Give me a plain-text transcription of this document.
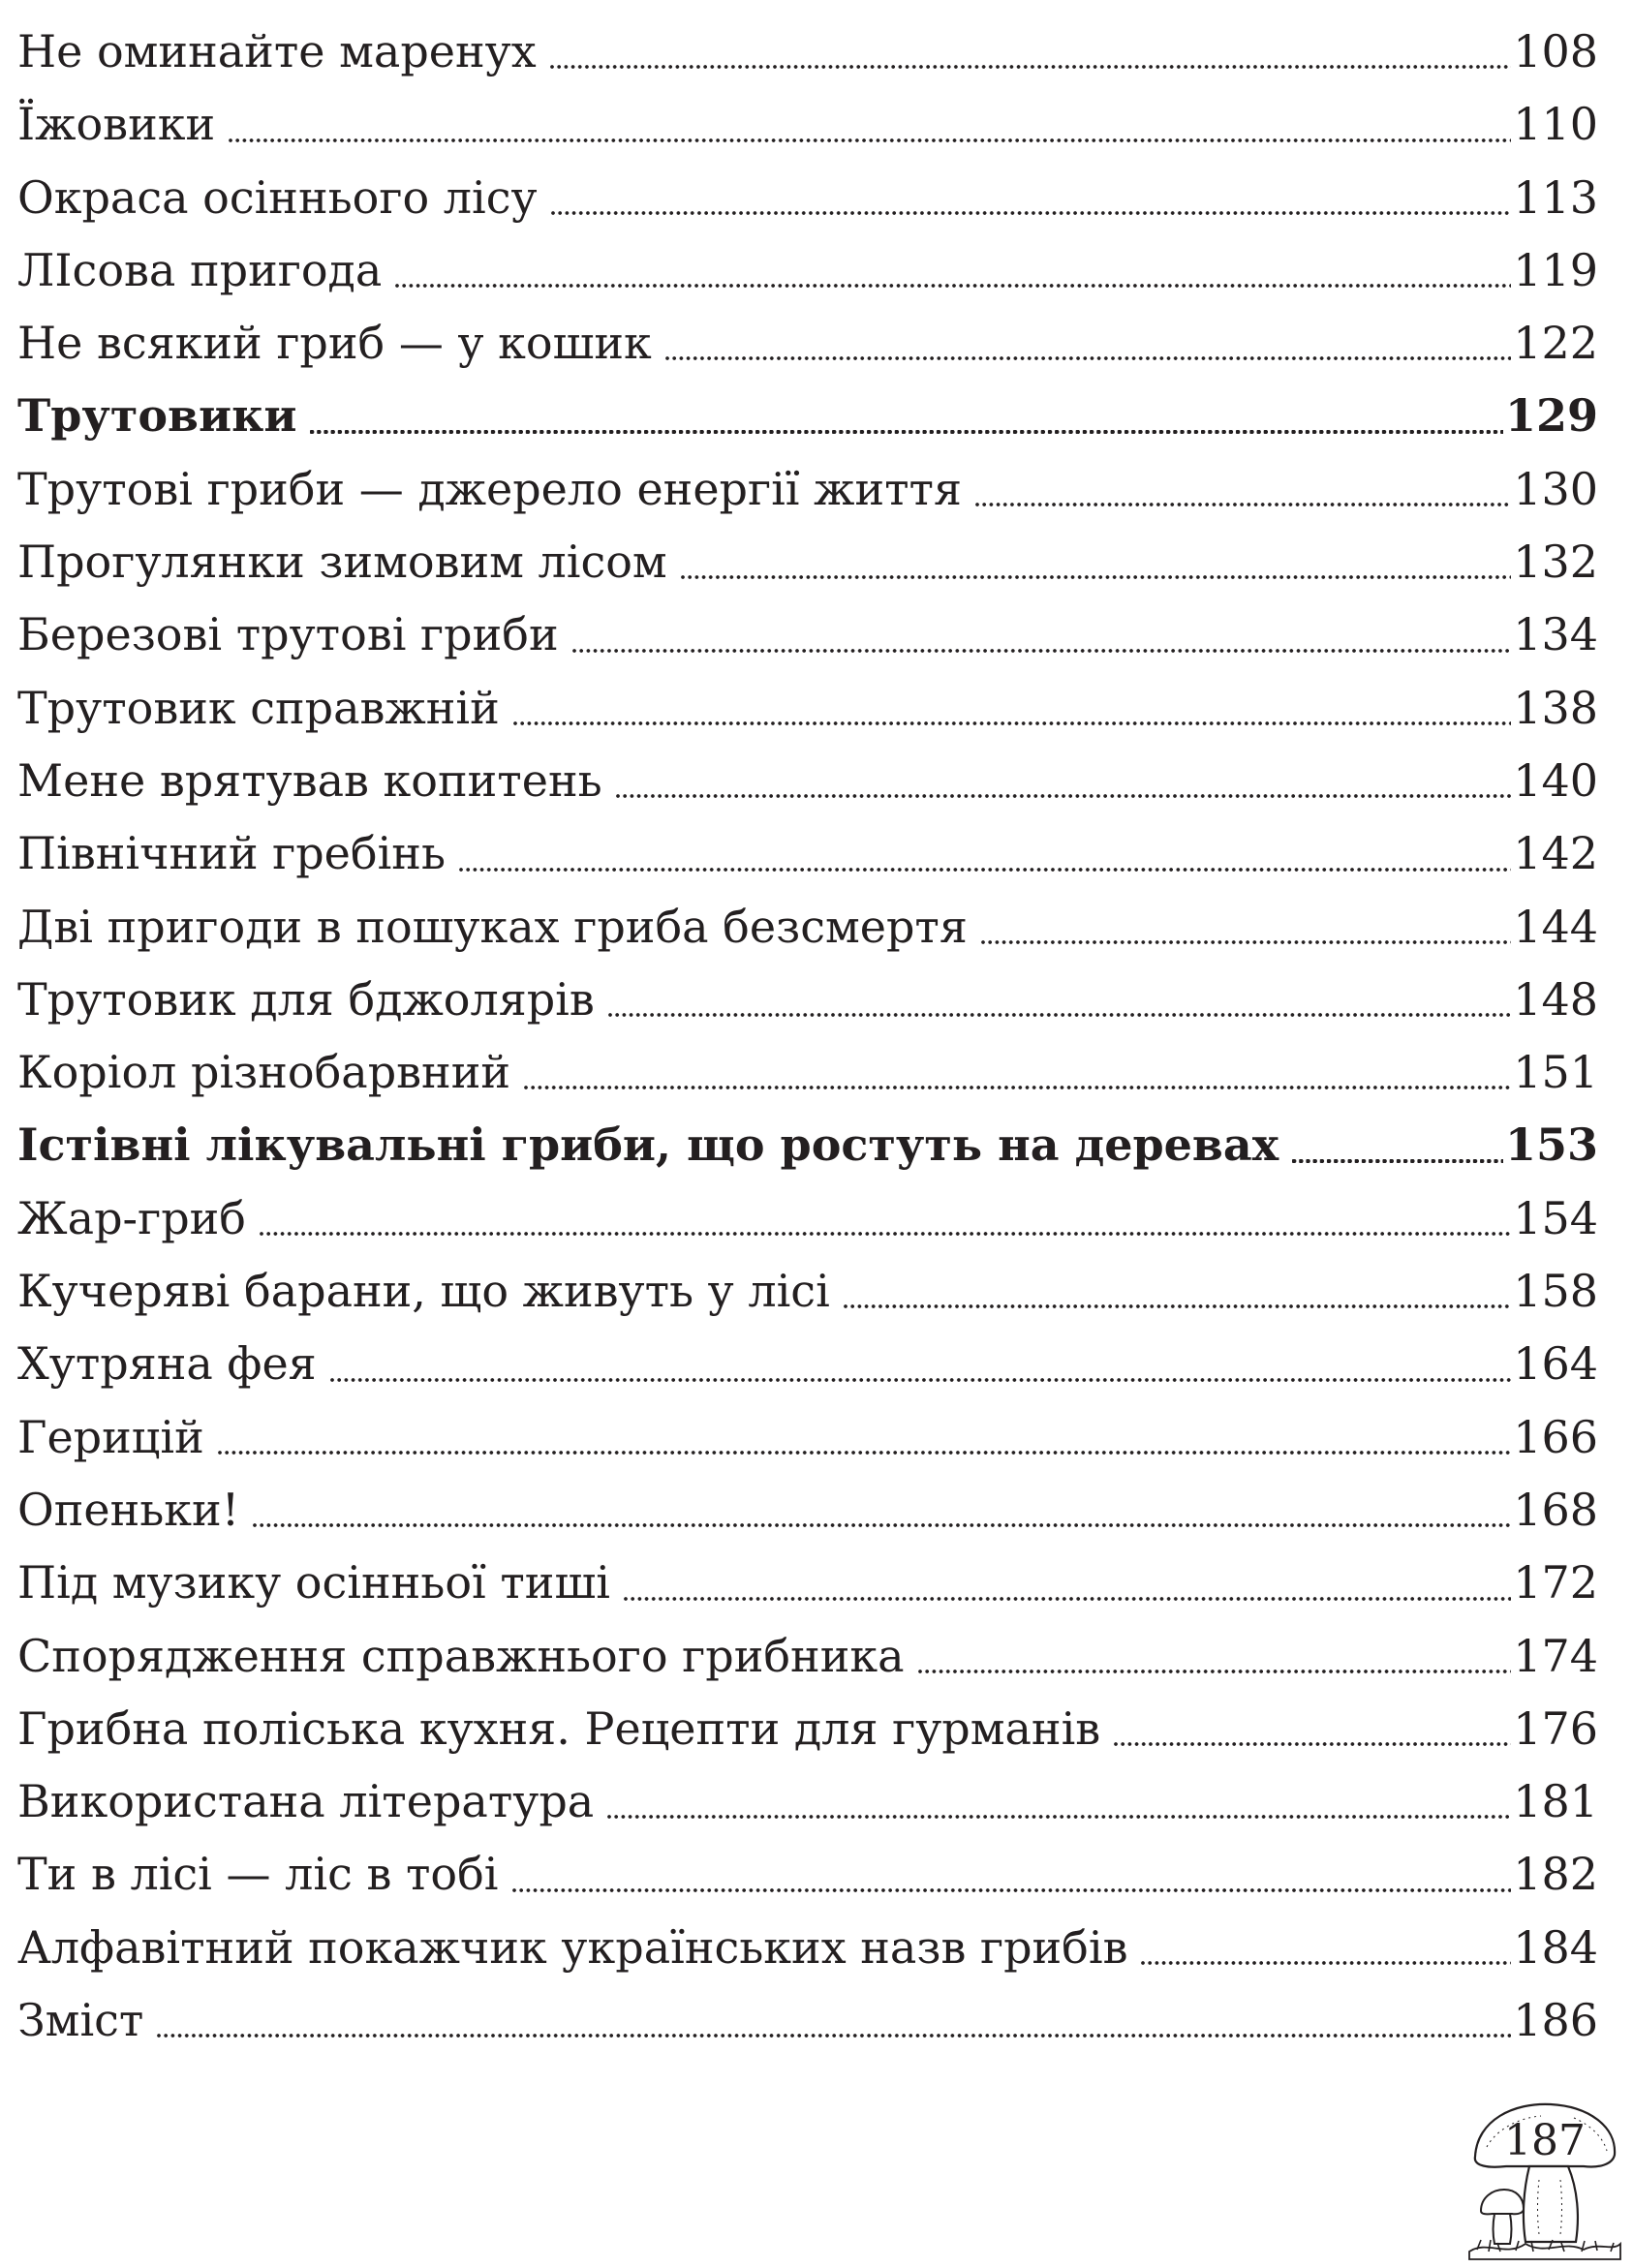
Не оминайте маренух	108
Їжовики	110
Окраса осіннього лісу	113
ЛІсова пригода	119
Не всякий гриб — у кошик	122
Трутовики	129
Трутові гриби — джерело енергії життя	130
Прогулянки зимовим лісом	132
Березові трутові гриби	134
Трутовик справжній	138
Мене врятував копитень	140
Північний гребінь	142
Дві пригоди в пошуках гриба безсмертя	144
Трутовик для бджолярів	148
Коріол різнобарвний	151
Істівні лікувальні гриби, що ростуть на деревах	153
Жар-гриб	154
Кучеряві барани, що живуть у лісі	158
Хутряна фея	164
Герицій	166
Опеньки!	168
Під музику осінньої тиші	172
Спорядження справжнього грибника	174
Грибна поліська кухня. Рецепти для гурманів	176
Використана література	181
Ти в лісі — ліс в тобі	182
Алфавітний покажчик українських назв грибів	184
Зміст	186
187
